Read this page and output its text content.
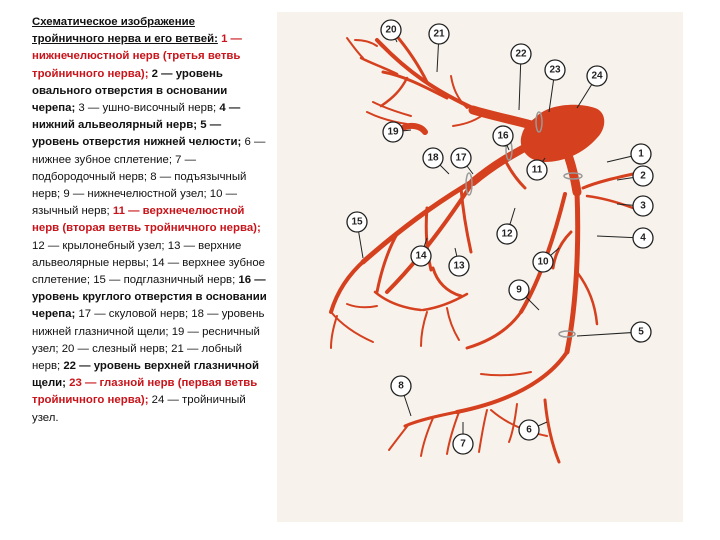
Схематическое изображение тройничного нерва и его ветвей: 1 — нижнечелюстной нерв (третья ветвь тройничного нерва); 2 — уровень овального отверстия в основании черепа; 3 — ушно-височный нерв; 4 — нижний альвеолярный нерв; 5 — уровень отверстия нижней челюсти; 6 — нижнее зубное сплетение; 7 — подбородочный нерв; 8 — подъязычный нерв; 9 — нижнечелюстной узел; 10 — язычный нерв; 11 — верхнечелюстной нерв (вторая ветвь тройничного нерва); 12 — крылонебный узел; 13 — верхние альвеолярные нервы; 14 — верхнее зубное сплетение; 15 — подглазничный нерв; 16 — уровень круглого отверстия в основании черепа; 17 — скуловой нерв; 18 — уровень нижней глазничной щели; 19 — ресничный узел; 20 — слезный нерв; 21 — лобный нерв; 22 — уровень верхней глазничной щели; 23 — глазной нерв (первая ветвь тройничного нерва); 24 — тройничный узел.
1
2
3
4
5
6
7
8
9
10
11
12
13
14
15
16
17
18
19
20	21
22
23
24
